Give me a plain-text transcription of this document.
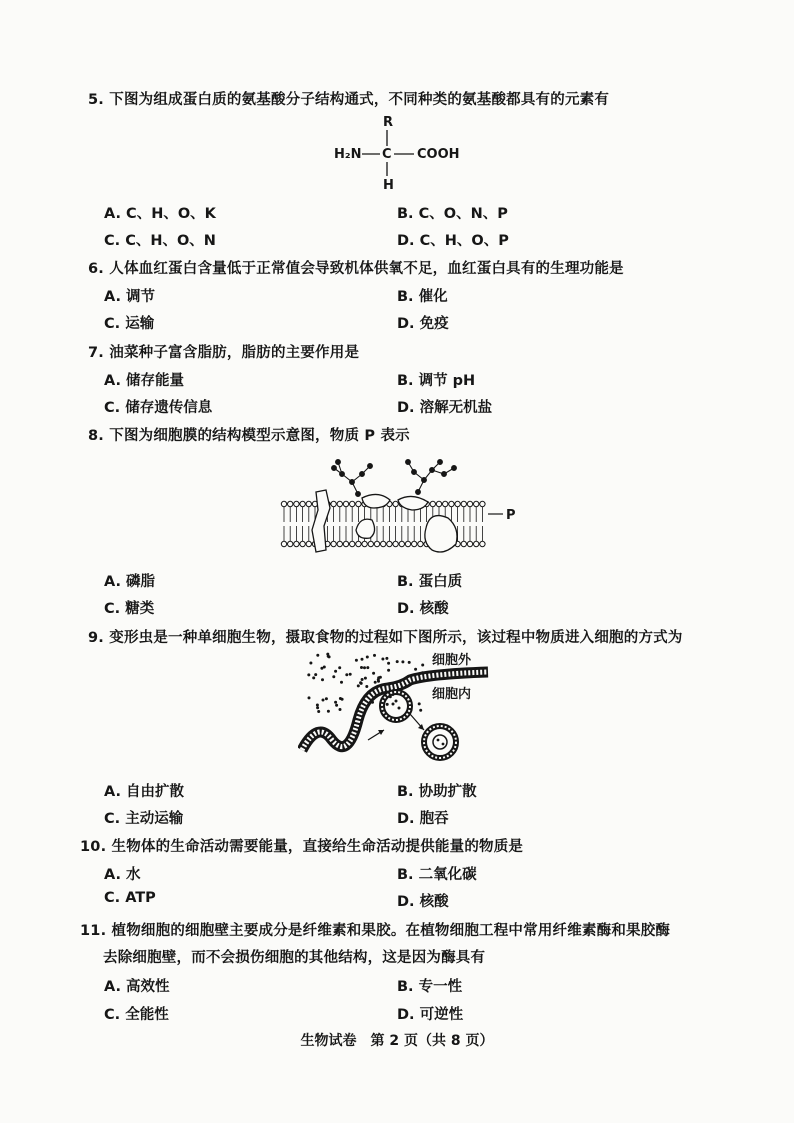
5. 下图为组成蛋白质的氨基酸分子结构通式，不同种类的氨基酸都具有的元素有
R
H₂N C COOH
H
A. C、H、O、K	B. C、O、N、P
C. C、H、O、N	D. C、H、O、P
6. 人体血红蛋白含量低于正常值会导致机体供氧不足，血红蛋白具有的生理功能是
A. 调节	B. 催化
C. 运输	D. 免疫
7. 油菜种子富含脂肪，脂肪的主要作用是
A. 储存能量	B. 调节 pH
C. 储存遗传信息	D. 溶解无机盐
8. 下图为细胞膜的结构模型示意图，物质 P 表示
P
A. 磷脂	B. 蛋白质
C. 糖类	D. 核酸
9. 变形虫是一种单细胞生物，摄取食物的过程如下图所示，该过程中物质进入细胞的方式为
细胞外
细胞内
A. 自由扩散	B. 协助扩散
C. 主动运输	D. 胞吞
10. 生物体的生命活动需要能量，直接给生命活动提供能量的物质是
A. 水	B. 二氧化碳
C. ATP	D. 核酸
11. 植物细胞的细胞壁主要成分是纤维素和果胶。在植物细胞工程中常用纤维素酶和果胶酶
去除细胞壁，而不会损伤细胞的其他结构，这是因为酶具有
A. 高效性	B. 专一性
C. 全能性	D. 可逆性
生物试卷　第 2 页（共 8 页）
